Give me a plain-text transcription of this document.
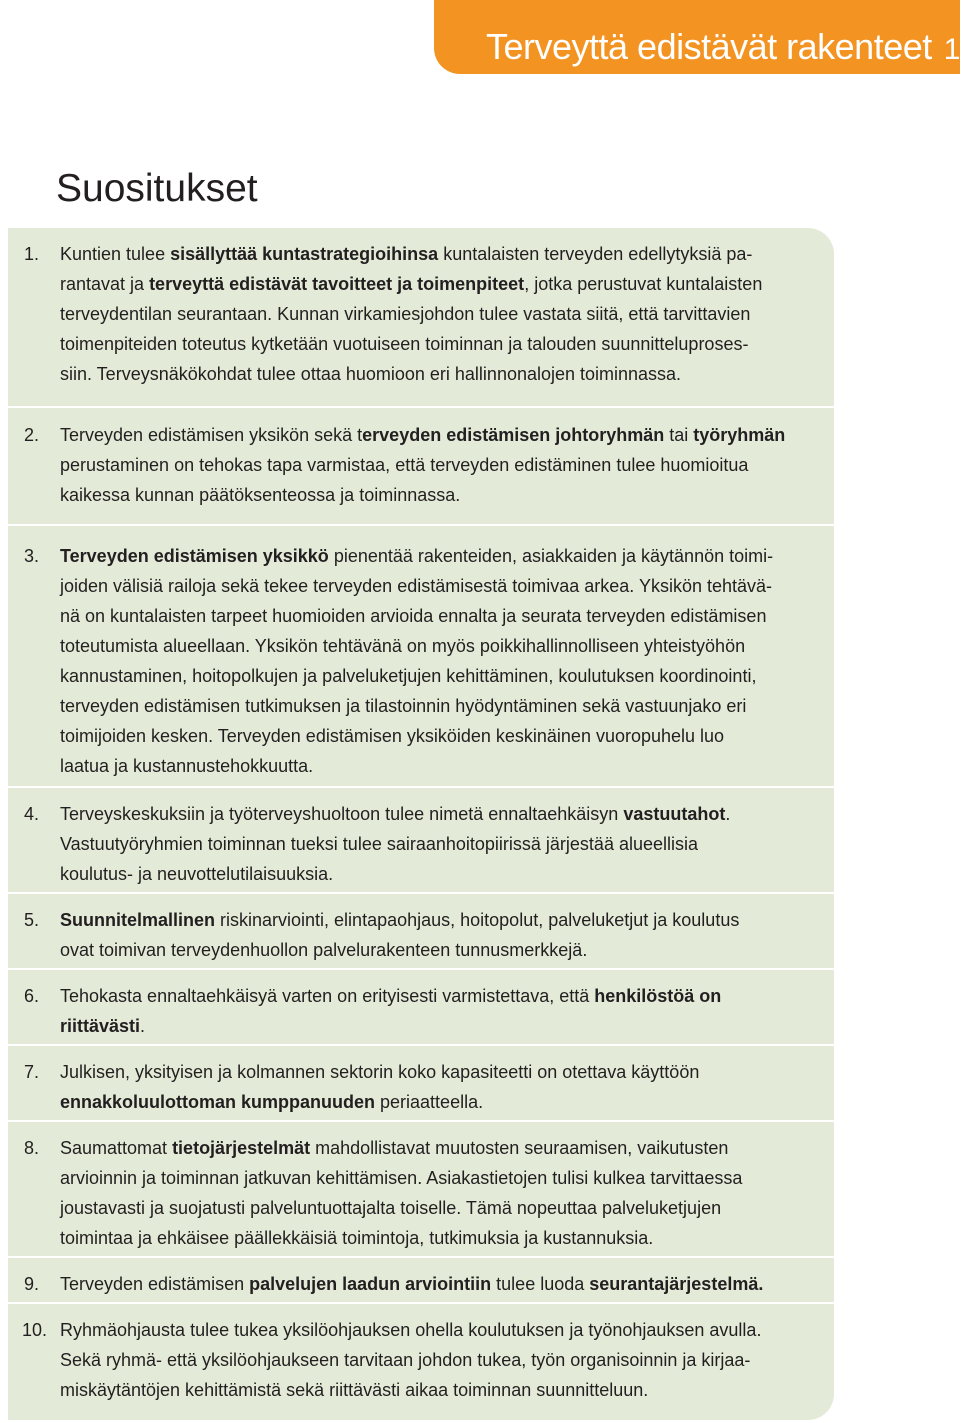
Terveyttä edistävät rakenteet 11
Suositukset
1. Kuntien tulee sisällyttää kuntastrategioihinsa kuntalaisten terveyden edellytyksiä pa-
rantavat ja terveyttä edistävät tavoitteet ja toimenpiteet, jotka perustuvat kuntalaisten
terveydentilan seurantaan. Kunnan virkamiesjohdon tulee vastata siitä, että tarvittavien
toimenpiteiden toteutus kytketään vuotuiseen toiminnan ja talouden suunnitteluproses-
siin. Terveysnäkökohdat tulee ottaa huomioon eri hallinnonalojen toiminnassa.

2. Terveyden edistämisen yksikön sekä terveyden edistämisen johtoryhmän tai työryhmän
perustaminen on tehokas tapa varmistaa, että terveyden edistäminen tulee huomioitua
kaikessa kunnan päätöksenteossa ja toiminnassa.

3. Terveyden edistämisen yksikkö pienentää rakenteiden, asiakkaiden ja käytännön toimi-
joiden välisiä railoja sekä tekee terveyden edistämisestä toimivaa arkea. Yksikön tehtävä-
nä on kuntalaisten tarpeet huomioiden arvioida ennalta ja seurata terveyden edistämisen
toteutumista alueellaan. Yksikön tehtävänä on myös poikkihallinnolliseen yhteistyöhön
kannustaminen, hoitopolkujen ja palveluketjujen kehittäminen, koulutuksen koordinointi,
terveyden edistämisen tutkimuksen ja tilastoinnin hyödyntäminen sekä vastuunjako eri
toimijoiden kesken. Terveyden edistämisen yksiköiden keskinäinen vuoropuhelu luo
laatua ja kustannustehokkuutta.

4. Terveyskeskuksiin ja työterveyshuoltoon tulee nimetä ennaltaehkäisyn vastuutahot.
Vastuutyöryhmien toiminnan tueksi tulee sairaanhoitopiirissä järjestää alueellisia
koulutus- ja neuvottelutilaisuuksia.

5. Suunnitelmallinen riskinarviointi, elintapaohjaus, hoitopolut, palveluketjut ja koulutus
ovat toimivan terveydenhuollon palvelurakenteen tunnusmerkkejä.

6. Tehokasta ennaltaehkäisyä varten on erityisesti varmistettava, että henkilöstöä on
riittävästi.

7. Julkisen, yksityisen ja kolmannen sektorin koko kapasiteetti on otettava käyttöön
ennakkoluulottoman kumppanuuden periaatteella.

8. Saumattomat tietojärjestelmät mahdollistavat muutosten seuraamisen, vaikutusten
arvioinnin ja toiminnan jatkuvan kehittämisen. Asiakastietojen tulisi kulkea tarvittaessa
joustavasti ja suojatusti palveluntuottajalta toiselle. Tämä nopeuttaa palveluketjujen
toimintaa ja ehkäisee päällekkäisiä toimintoja, tutkimuksia ja kustannuksia.

9. Terveyden edistämisen palvelujen laadun arviointiin tulee luoda seurantajärjestelmä.

10. Ryhmäohjausta tulee tukea yksilöohjauksen ohella koulutuksen ja työnohjauksen avulla.
Sekä ryhmä- että yksilöohjaukseen tarvitaan johdon tukea, työn organisoinnin ja kirjaa-
miskäytäntöjen kehittämistä sekä riittävästi aikaa toiminnan suunnitteluun.
